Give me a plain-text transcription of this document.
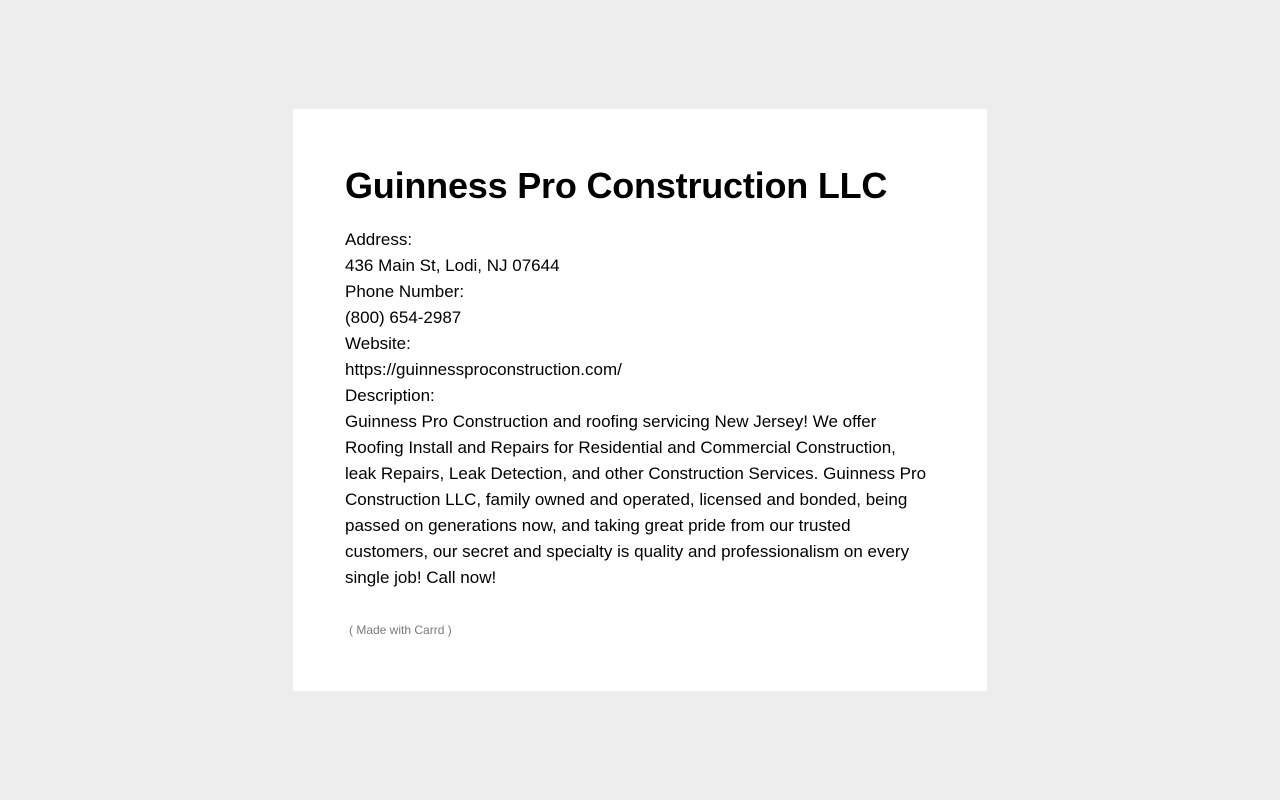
Guinness Pro Construction LLC
Address:
436 Main St, Lodi, NJ 07644
Phone Number:
(800) 654-2987
Website:
https://guinnessproconstruction.com/
Description:
Guinness Pro Construction and roofing servicing New Jersey! We offer Roofing Install and Repairs for Residential and Commercial Construction, leak Repairs, Leak Detection, and other Construction Services. Guinness Pro Construction LLC, family owned and operated, licensed and bonded, being passed on generations now, and taking great pride from our trusted customers, our secret and specialty is quality and professionalism on every single job! Call now!
( Made with Carrd )
